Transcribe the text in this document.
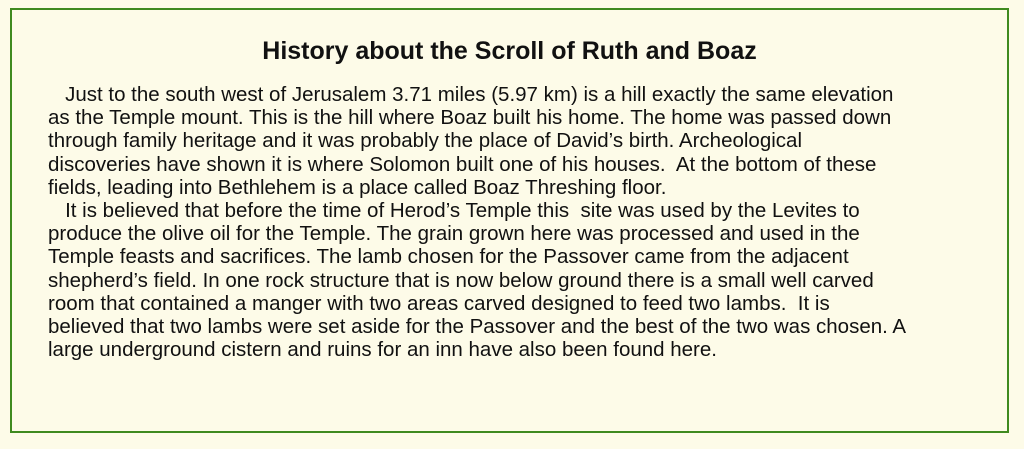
History about the Scroll of Ruth and Boaz
Just to the south west of Jerusalem 3.71 miles (5.97 km) is a hill exactly the same elevation
as the Temple mount. This is the hill where Boaz built his home. The home was passed down
through family heritage and it was probably the place of David’s birth. Archeological
discoveries have shown it is where Solomon built one of his houses.  At the bottom of these
fields, leading into Bethlehem is a place called Boaz Threshing floor.
It is believed that before the time of Herod’s Temple this  site was used by the Levites to
produce the olive oil for the Temple. The grain grown here was processed and used in the
Temple feasts and sacrifices. The lamb chosen for the Passover came from the adjacent
shepherd’s field. In one rock structure that is now below ground there is a small well carved
room that contained a manger with two areas carved designed to feed two lambs.  It is
believed that two lambs were set aside for the Passover and the best of the two was chosen. A
large underground cistern and ruins for an inn have also been found here.
